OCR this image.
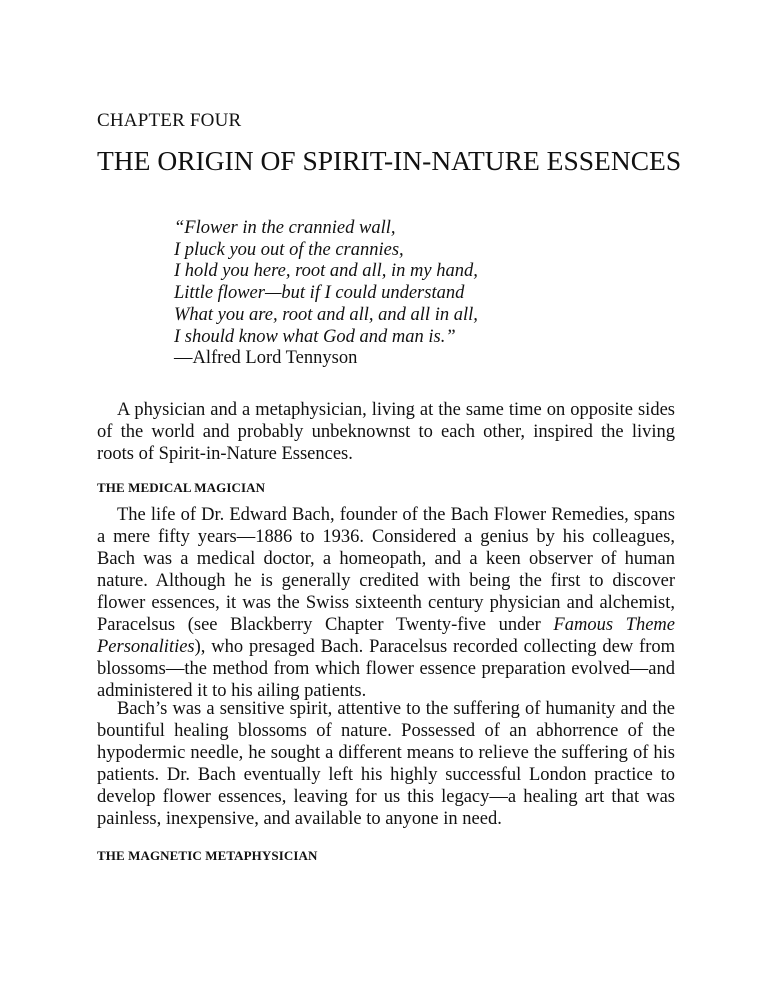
CHAPTER FOUR
THE ORIGIN OF SPIRIT-IN-NATURE ESSENCES
“Flower in the crannied wall,
I pluck you out of the crannies,
I hold you here, root and all, in my hand,
Little flower—but if I could understand
What you are, root and all, and all in all,
I should know what God and man is.”
—Alfred Lord Tennyson

A physician and a metaphysician, living at the same time on opposite sides of the world and probably unbeknownst to each other, inspired the living roots of Spirit-in-Nature Essences.

THE MEDICAL MAGICIAN

The life of Dr. Edward Bach, founder of the Bach Flower Remedies, spans a mere fifty years—1886 to 1936. Considered a genius by his colleagues, Bach was a medical doctor, a homeopath, and a keen observer of human nature. Although he is generally credited with being the first to discover flower essences, it was the Swiss sixteenth century physician and alchemist, Paracelsus (see Blackberry Chapter Twenty-five under Famous Theme Personalities), who presaged Bach. Paracelsus recorded collecting dew from blossoms—the method from which flower essence preparation evolved—and administered it to his ailing patients.

Bach’s was a sensitive spirit, attentive to the suffering of humanity and the bountiful healing blossoms of nature. Possessed of an abhorrence of the hypodermic needle, he sought a different means to relieve the suffering of his patients. Dr. Bach eventually left his highly successful London practice to develop flower essences, leaving for us this legacy—a healing art that was painless, inexpensive, and available to anyone in need.

THE MAGNETIC METAPHYSICIAN
